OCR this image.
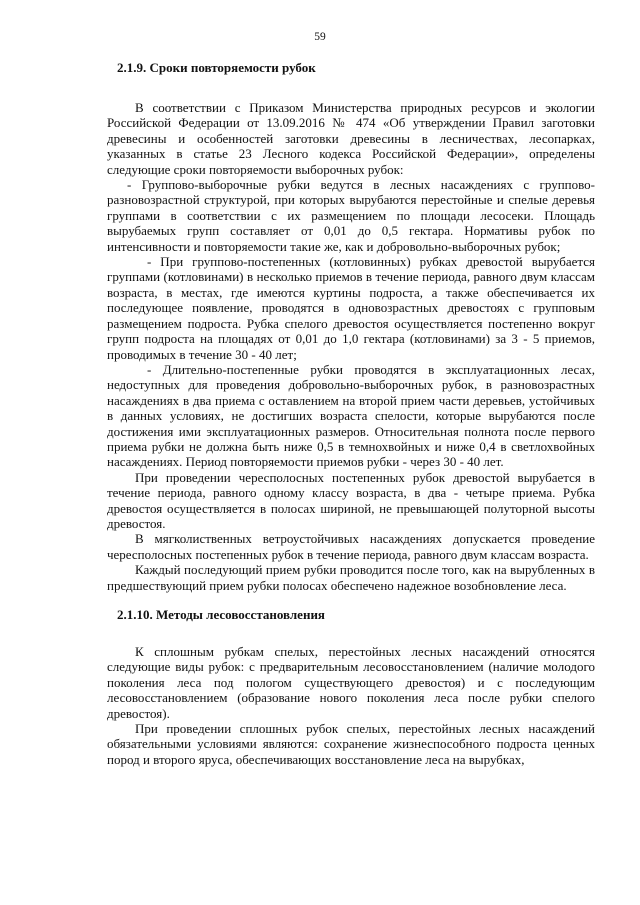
59
2.1.9. Сроки повторяемости рубок

В соответствии с Приказом Министерства природных ресурсов и экологии Российской Федерации от 13.09.2016 № 474 «Об утверждении Правил заготовки древесины и особенностей заготовки древесины в лесничествах, лесопарках, указанных в статье 23 Лесного кодекса Российской Федерации», определены следующие сроки повторяемости выборочных рубок:

- Группово-выборочные рубки ведутся в лесных насаждениях с группово-разновозрастной структурой, при которых вырубаются перестойные и спелые деревья группами в соответствии с их размещением по площади лесосеки. Площадь вырубаемых групп составляет от 0,01 до 0,5 гектара. Нормативы рубок по интенсивности и повторяемости такие же, как и добровольно-выборочных рубок;

- При группово-постепенных (котловинных) рубках древостой вырубается группами (котловинами) в несколько приемов в течение периода, равного двум классам возраста, в местах, где имеются куртины подроста, а также обеспечивается их последующее появление, проводятся в одновозрастных древостоях с групповым размещением подроста. Рубка спелого древостоя осуществляется постепенно вокруг групп подроста на площадях от 0,01 до 1,0 гектара (котловинами) за 3 - 5 приемов, проводимых в течение 30 - 40 лет;

- Длительно-постепенные рубки проводятся в эксплуатационных лесах, недоступных для проведения добровольно-выборочных рубок, в разновозрастных насаждениях в два приема с оставлением на второй прием части деревьев, устойчивых в данных условиях, не достигших возраста спелости, которые вырубаются после достижения ими эксплуатационных размеров. Относительная полнота после первого приема рубки не должна быть ниже 0,5 в темнохвойных и ниже 0,4 в светлохвойных насаждениях. Период повторяемости приемов рубки - через 30 - 40 лет.

При проведении чересполосных постепенных рубок древостой вырубается в течение периода, равного одному классу возраста, в два - четыре приема. Рубка древостоя осуществляется в полосах шириной, не превышающей полуторной высоты древостоя.

В мягколиственных ветроустойчивых насаждениях допускается проведение чересполосных постепенных рубок в течение периода, равного двум классам возраста.

Каждый последующий прием рубки проводится после того, как на вырубленных в предшествующий прием рубки полосах обеспечено надежное возобновление леса.

2.1.10. Методы лесовосстановления

К сплошным рубкам спелых, перестойных лесных насаждений относятся следующие виды рубок: с предварительным лесовосстановлением (наличие молодого поколения леса под пологом существующего древостоя) и с последующим лесовосстановлением (образование нового поколения леса после рубки спелого древостоя).

При проведении сплошных рубок спелых, перестойных лесных насаждений обязательными условиями являются: сохранение жизнеспособного подроста ценных пород и второго яруса, обеспечивающих восстановление леса на вырубках,
